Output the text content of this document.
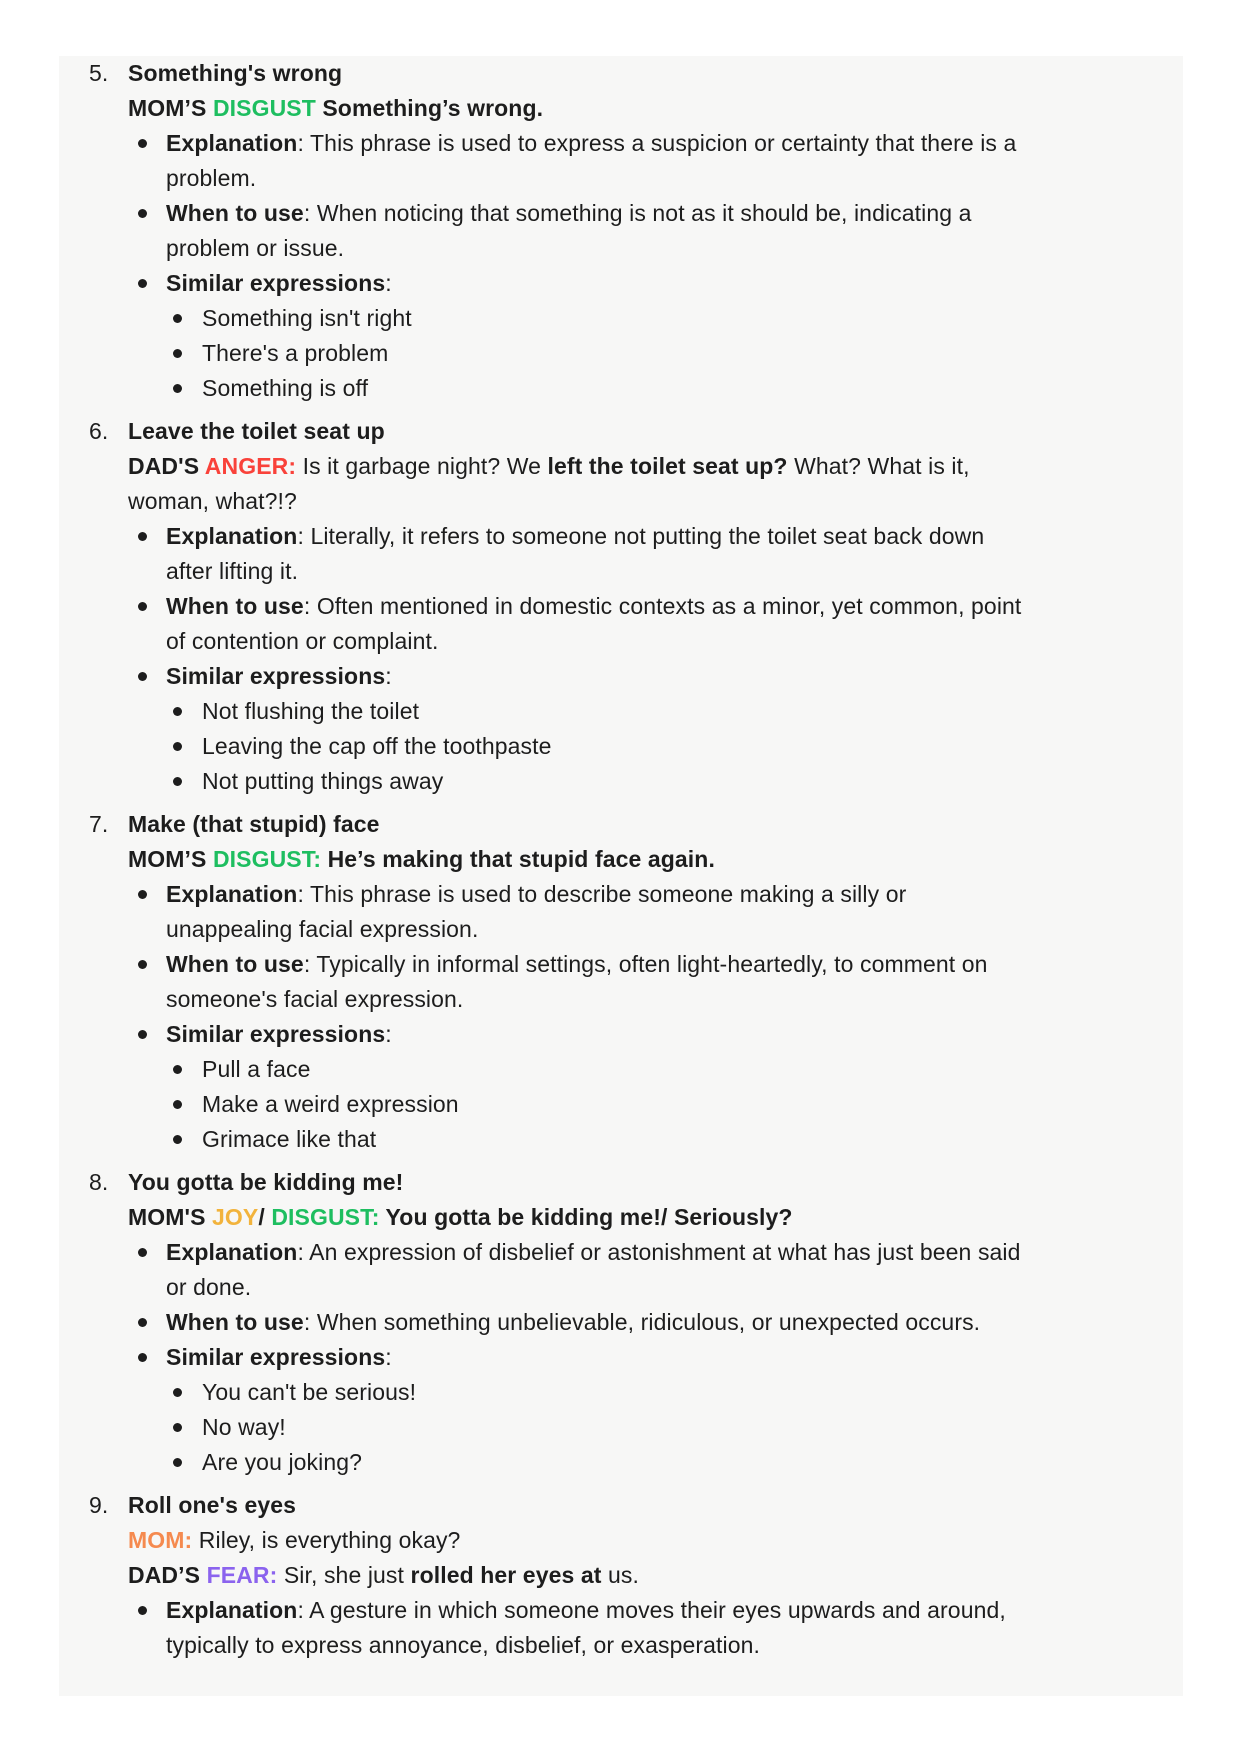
5. Something's wrong
MOM’S DISGUST Something’s wrong.
Explanation: This phrase is used to express a suspicion or certainty that there is a
problem.
When to use: When noticing that something is not as it should be, indicating a
problem or issue.
Similar expressions:
Something isn't right
There's a problem
Something is off
6. Leave the toilet seat up
DAD'S ANGER: Is it garbage night? We left the toilet seat up? What? What is it,
woman, what?!?
Explanation: Literally, it refers to someone not putting the toilet seat back down
after lifting it.
When to use: Often mentioned in domestic contexts as a minor, yet common, point
of contention or complaint.
Similar expressions:
Not flushing the toilet
Leaving the cap off the toothpaste
Not putting things away
7. Make (that stupid) face
MOM’S DISGUST: He’s making that stupid face again.
Explanation: This phrase is used to describe someone making a silly or
unappealing facial expression.
When to use: Typically in informal settings, often light-heartedly, to comment on
someone's facial expression.
Similar expressions:
Pull a face
Make a weird expression
Grimace like that
8. You gotta be kidding me!
MOM'S JOY/ DISGUST: You gotta be kidding me!/ Seriously?
Explanation: An expression of disbelief or astonishment at what has just been said
or done.
When to use: When something unbelievable, ridiculous, or unexpected occurs.
Similar expressions:
You can't be serious!
No way!
Are you joking?
9. Roll one's eyes
MOM: Riley, is everything okay?
DAD’S FEAR: Sir, she just rolled her eyes at us.
Explanation: A gesture in which someone moves their eyes upwards and around,
typically to express annoyance, disbelief, or exasperation.
